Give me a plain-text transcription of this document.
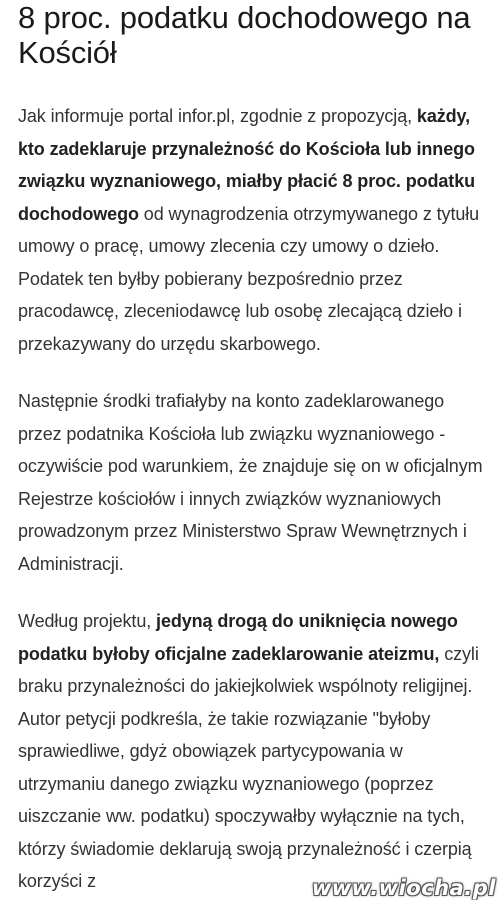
8 proc. podatku dochodowego na Kościół

Jak informuje portal infor.pl, zgodnie z propozycją, każdy, kto zadeklaruje przynależność do Kościoła lub innego związku wyznaniowego, miałby płacić 8 proc. podatku dochodowego od wynagrodzenia otrzymywanego z tytułu umowy o pracę, umowy zlecenia czy umowy o dzieło. Podatek ten byłby pobierany bezpośrednio przez pracodawcę, zleceniodawcę lub osobę zlecającą dzieło i przekazywany do urzędu skarbowego.

Następnie środki trafiałyby na konto zadeklarowanego przez podatnika Kościoła lub związku wyznaniowego - oczywiście pod warunkiem, że znajduje się on w oficjalnym Rejestrze kościołów i innych związków wyznaniowych prowadzonym przez Ministerstwo Spraw Wewnętrznych i Administracji.

Według projektu, jedyną drogą do uniknięcia nowego podatku byłoby oficjalne zadeklarowanie ateizmu, czyli braku przynależności do jakiejkolwiek wspólnoty religijnej. Autor petycji podkreśla, że takie rozwiązanie "byłoby sprawiedliwe, gdyż obowiązek partycypowania w utrzymaniu danego związku wyznaniowego (poprzez uiszczanie ww. podatku) spoczywałby wyłącznie na tych, którzy świadomie deklarują swoją przynależność i czerpią korzyści z	www.wiocha.pl
